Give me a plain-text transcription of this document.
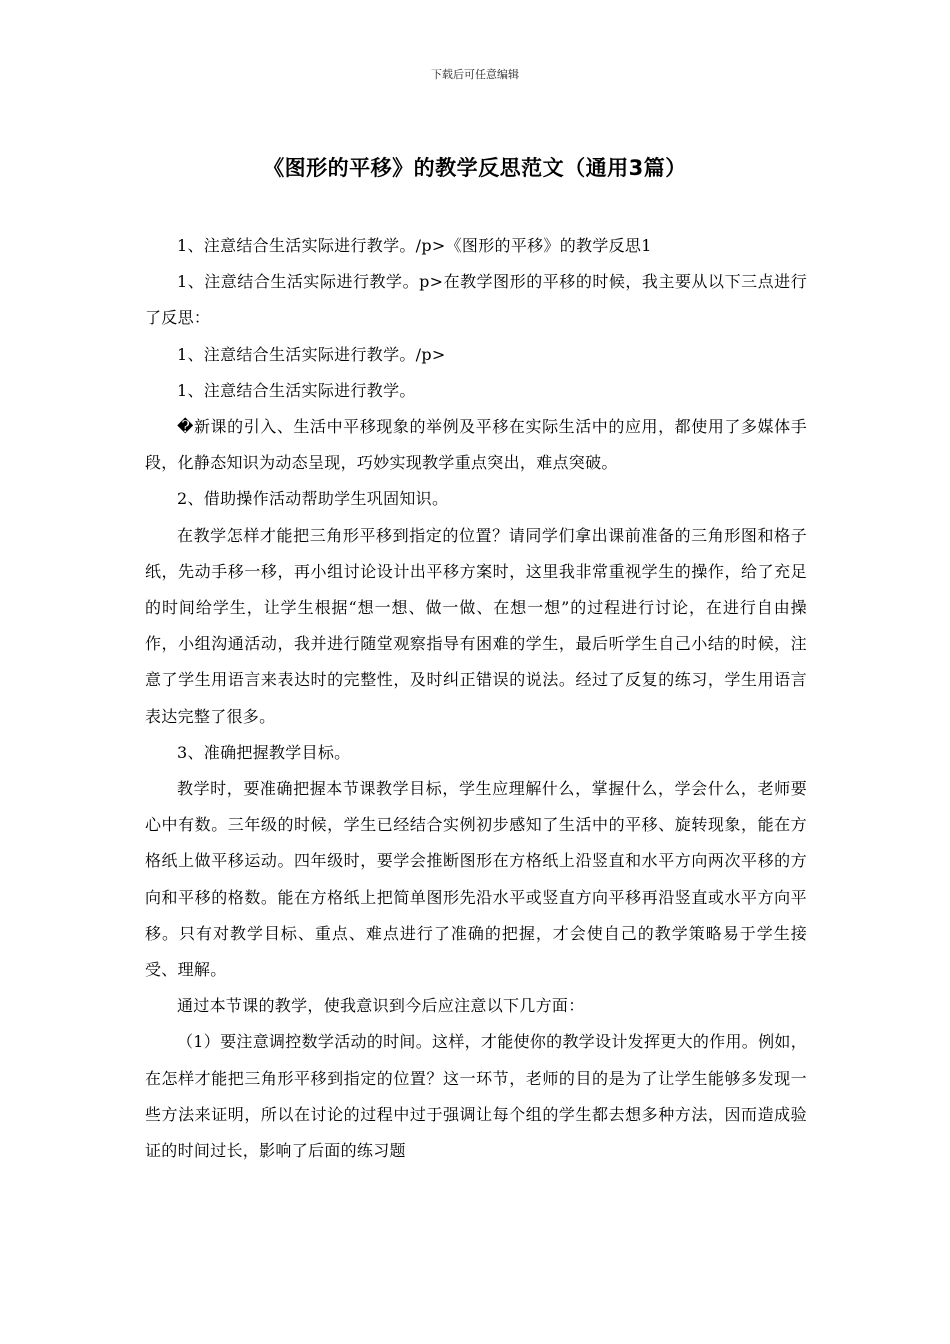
下载后可任意编辑
《图形的平移》的教学反思范文（通用3篇）

1、注意结合生活实际进行教学。/p>《图形的平移》的教学反思1

1、注意结合生活实际进行教学。p>在教学图形的平移的时候，我主要从以下三点进行了反思：

1、注意结合生活实际进行教学。/p>

1、注意结合生活实际进行教学。

�新课的引入、生活中平移现象的举例及平移在实际生活中的应用，都使用了多媒体手段，化静态知识为动态呈现，巧妙实现教学重点突出，难点突破。

2、借助操作活动帮助学生巩固知识。

在教学怎样才能把三角形平移到指定的位置？请同学们拿出课前准备的三角形图和格子纸，先动手移一移，再小组讨论设计出平移方案时，这里我非常重视学生的操作，给了充足的时间给学生，让学生根据“想一想、做一做、在想一想”的过程进行讨论，在进行自由操作，小组沟通活动，我并进行随堂观察指导有困难的学生，最后听学生自己小结的时候，注意了学生用语言来表达时的完整性，及时纠正错误的说法。经过了反复的练习，学生用语言表达完整了很多。

3、准确把握教学目标。

教学时，要准确把握本节课教学目标，学生应理解什么，掌握什么，学会什么，老师要心中有数。三年级的时候，学生已经结合实例初步感知了生活中的平移、旋转现象，能在方格纸上做平移运动。四年级时，要学会推断图形在方格纸上沿竖直和水平方向两次平移的方向和平移的格数。能在方格纸上把简单图形先沿水平或竖直方向平移再沿竖直或水平方向平移。只有对教学目标、重点、难点进行了准确的把握，才会使自己的教学策略易于学生接受、理解。

通过本节课的教学，使我意识到今后应注意以下几方面：

（1）要注意调控数学活动的时间。这样，才能使你的教学设计发挥更大的作用。例如，在怎样才能把三角形平移到指定的位置？这一环节，老师的目的是为了让学生能够多发现一些方法来证明，所以在讨论的过程中过于强调让每个组的学生都去想多种方法，因而造成验证的时间过长，影响了后面的练习题
